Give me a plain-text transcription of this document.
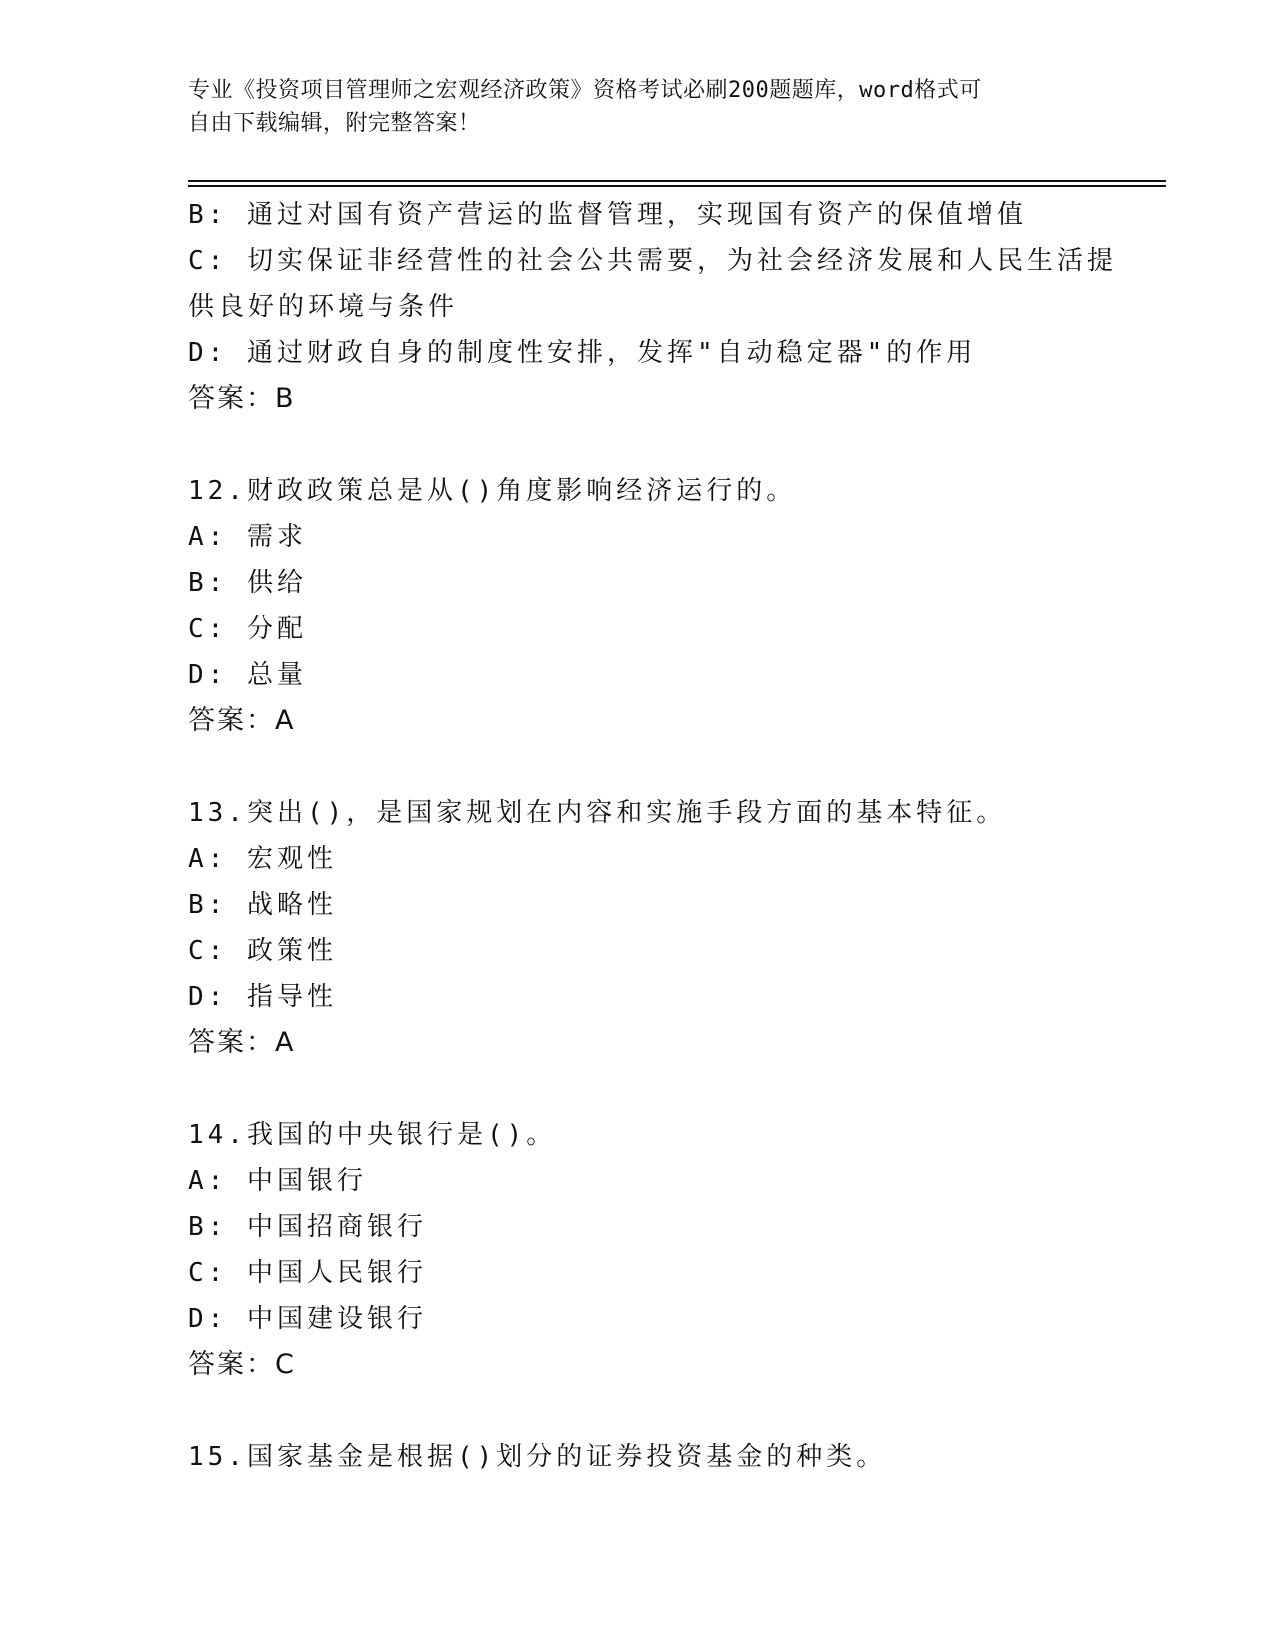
专业《投资项目管理师之宏观经济政策》资格考试必刷200题题库，word格式可
自由下载编辑，附完整答案！
B: 通过对国有资产营运的监督管理，实现国有资产的保值增值
C: 切实保证非经营性的社会公共需要，为社会经济发展和人民生活提
供良好的环境与条件
D: 通过财政自身的制度性安排，发挥"自动稳定器"的作用
答案：B
12.财政政策总是从()角度影响经济运行的。
A: 需求
B: 供给
C: 分配
D: 总量
答案：A
13.突出()，是国家规划在内容和实施手段方面的基本特征。
A: 宏观性
B: 战略性
C: 政策性
D: 指导性
答案：A
14.我国的中央银行是()。
A: 中国银行
B: 中国招商银行
C: 中国人民银行
D: 中国建设银行
答案：C
15.国家基金是根据()划分的证券投资基金的种类。
